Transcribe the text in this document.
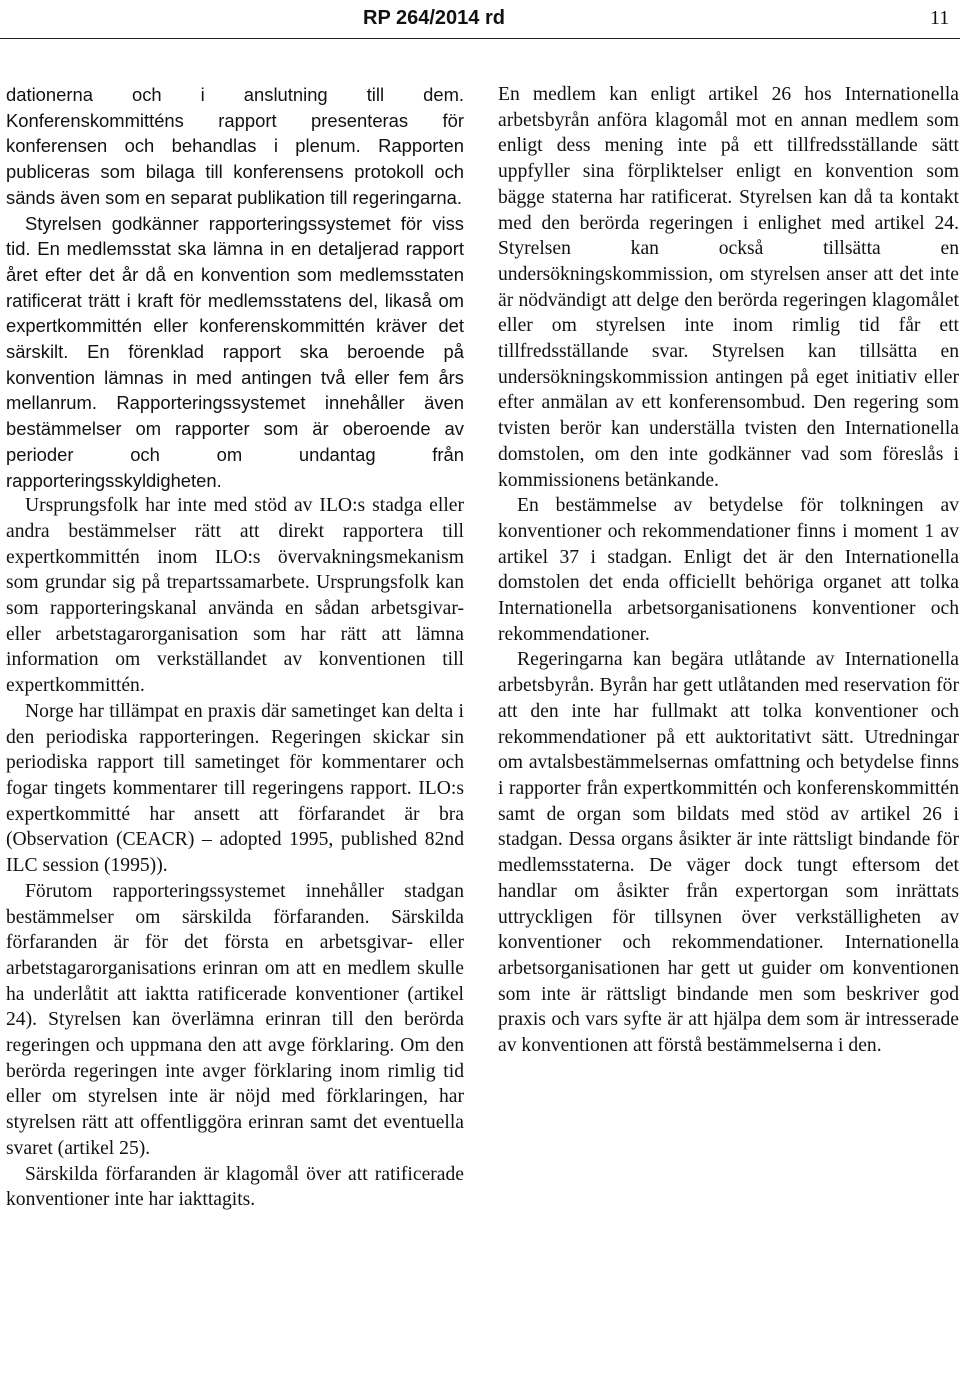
RP 264/2014 rd	11

dationerna och i anslutning till dem. Konferenskommitténs rapport presenteras för konferensen och behandlas i plenum. Rapporten publiceras som bilaga till konferensens protokoll och sänds även som en separat publikation till regeringarna.

Styrelsen godkänner rapporteringssystemet för viss tid. En medlemsstat ska lämna in en detaljerad rapport året efter det år då en konvention som medlemsstaten ratificerat trätt i kraft för medlemsstatens del, likaså om expertkommittén eller konferenskommittén kräver det särskilt. En förenklad rapport ska beroende på konvention lämnas in med antingen två eller fem års mellanrum. Rapporteringssystemet innehåller även bestämmelser om rapporter som är oberoende av perioder och om undantag från rapporteringsskyldigheten.

Ursprungsfolk har inte med stöd av ILO:s stadga eller andra bestämmelser rätt att direkt rapportera till expertkommittén inom ILO:s övervakningsmekanism som grundar sig på trepartssamarbete. Ursprungsfolk kan som rapporteringskanal använda en sådan arbetsgivar- eller arbetstagarorganisation som har rätt att lämna information om verkställandet av konventionen till expertkommittén.

Norge har tillämpat en praxis där sametinget kan delta i den periodiska rapporteringen. Regeringen skickar sin periodiska rapport till sametinget för kommentarer och fogar tingets kommentarer till regeringens rapport. ILO:s expertkommitté har ansett att förfarandet är bra (Observation (CEACR) – adopted 1995, published 82nd ILC session (1995)).

Förutom rapporteringssystemet innehåller stadgan bestämmelser om särskilda förfaranden. Särskilda förfaranden är för det första en arbetsgivar- eller arbetstagarorganisations erinran om att en medlem skulle ha underlåtit att iaktta ratificerade konventioner (artikel 24). Styrelsen kan överlämna erinran till den berörda regeringen och uppmana den att avge förklaring. Om den berörda regeringen inte avger förklaring inom rimlig tid eller om styrelsen inte är nöjd med förklaringen, har styrelsen rätt att offentliggöra erinran samt det eventuella svaret (artikel 25).

Särskilda förfaranden är klagomål över att ratificerade konventioner inte har iakttagits.

En medlem kan enligt artikel 26 hos Internationella arbetsbyrån anföra klagomål mot en annan medlem som enligt dess mening inte på ett tillfredsställande sätt uppfyller sina förpliktelser enligt en konvention som bägge staterna har ratificerat. Styrelsen kan då ta kontakt med den berörda regeringen i enlighet med artikel 24. Styrelsen kan också tillsätta en undersökningskommission, om styrelsen anser att det inte är nödvändigt att delge den berörda regeringen klagomålet eller om styrelsen inte inom rimlig tid får ett tillfredsställande svar. Styrelsen kan tillsätta en undersökningskommission antingen på eget initiativ eller efter anmälan av ett konferensombud. Den regering som tvisten berör kan underställa tvisten den Internationella domstolen, om den inte godkänner vad som föreslås i kommissionens betänkande.

En bestämmelse av betydelse för tolkningen av konventioner och rekommendationer finns i moment 1 av artikel 37 i stadgan. Enligt det är den Internationella domstolen det enda officiellt behöriga organet att tolka Internationella arbetsorganisationens konventioner och rekommendationer.

Regeringarna kan begära utlåtande av Internationella arbetsbyrån. Byrån har gett utlåtanden med reservation för att den inte har fullmakt att tolka konventioner och rekommendationer på ett auktoritativt sätt. Utredningar om avtalsbestämmelsernas omfattning och betydelse finns i rapporter från expertkommittén och konferenskommittén samt de organ som bildats med stöd av artikel 26 i stadgan. Dessa organs åsikter är inte rättsligt bindande för medlemsstaterna. De väger dock tungt eftersom det handlar om åsikter från expertorgan som inrättats uttryckligen för tillsynen över verkställigheten av konventioner och rekommendationer. Internationella arbetsorganisationen har gett ut guider om konventionen som inte är rättsligt bindande men som beskriver god praxis och vars syfte är att hjälpa dem som är intresserade av konventionen att förstå bestämmelserna i den.
